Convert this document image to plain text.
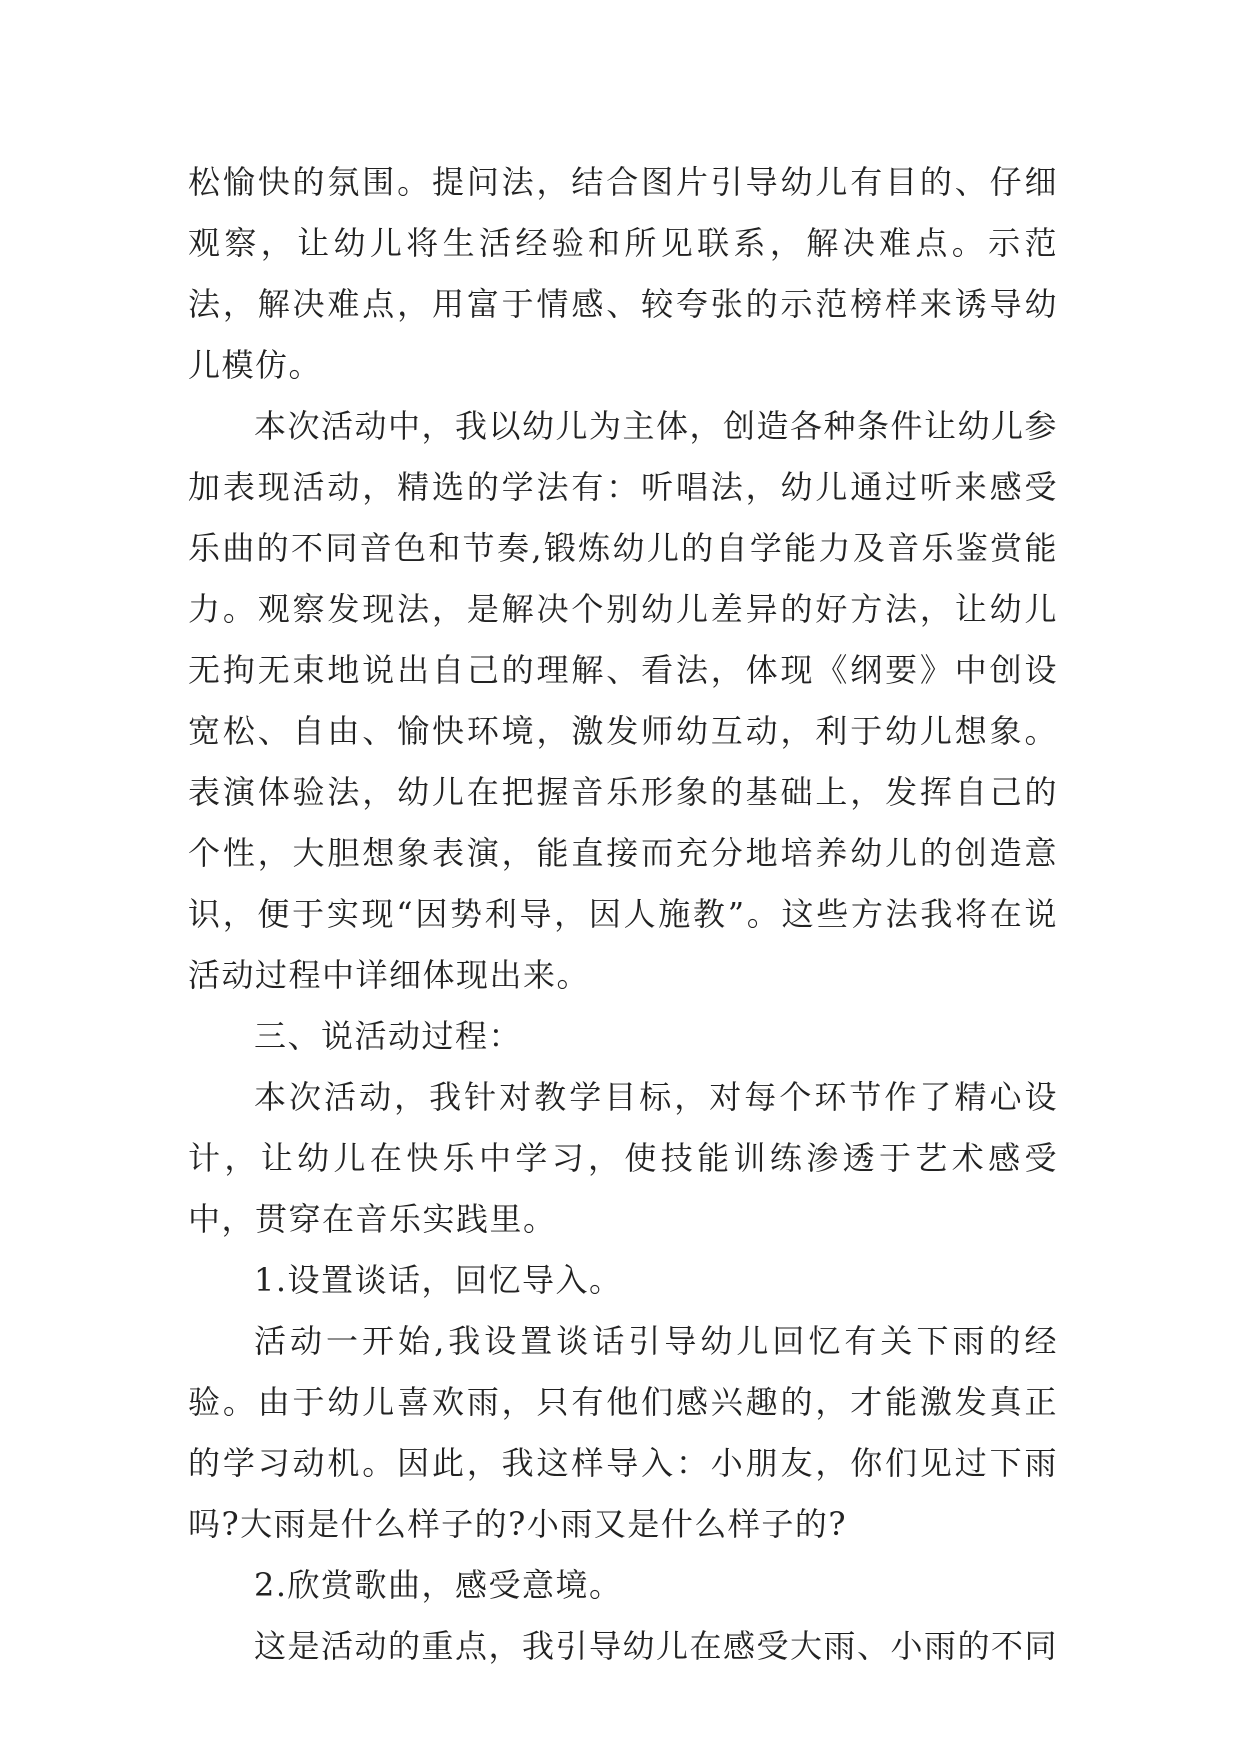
松愉快的氛围。提问法，结合图片引导幼儿有目的、仔细观察，让幼儿将生活经验和所见联系，解决难点。示范法，解决难点，用富于情感、较夸张的示范榜样来诱导幼儿模仿。

本次活动中，我以幼儿为主体，创造各种条件让幼儿参加表现活动，精选的学法有：听唱法，幼儿通过听来感受乐曲的不同音色和节奏,锻炼幼儿的自学能力及音乐鉴赏能力。观察发现法，是解决个别幼儿差异的好方法，让幼儿无拘无束地说出自己的理解、看法，体现《纲要》中创设宽松、自由、愉快环境，激发师幼互动，利于幼儿想象。表演体验法，幼儿在把握音乐形象的基础上，发挥自己的个性，大胆想象表演，能直接而充分地培养幼儿的创造意识，便于实现“因势利导，因人施教”。这些方法我将在说活动过程中详细体现出来。

三、说活动过程：

本次活动，我针对教学目标，对每个环节作了精心设计，让幼儿在快乐中学习，使技能训练渗透于艺术感受中，贯穿在音乐实践里。

1.设置谈话，回忆导入。

活动一开始,我设置谈话引导幼儿回忆有关下雨的经验。由于幼儿喜欢雨，只有他们感兴趣的，才能激发真正的学习动机。因此，我这样导入：小朋友，你们见过下雨吗?大雨是什么样子的?小雨又是什么样子的?

2.欣赏歌曲，感受意境。

这是活动的重点，我引导幼儿在感受大雨、小雨的不同
